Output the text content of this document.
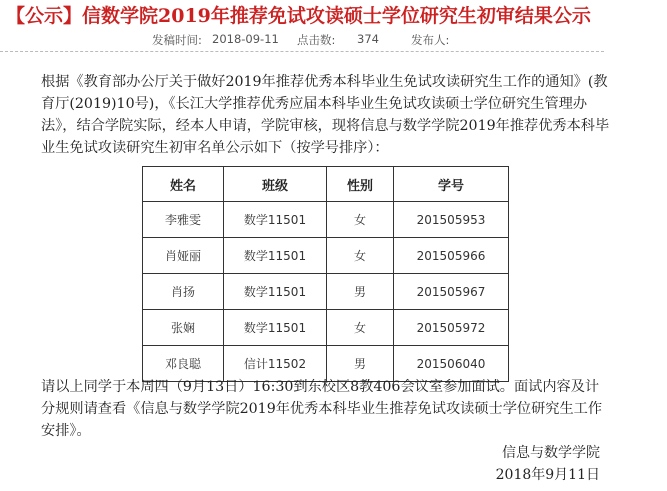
【公示】信数学院2019年推荐免试攻读硕士学位研究生初审结果公示
发稿时间: 2018-09-11 点击数: 374	发布人:

根据《教育部办公厅关于做好2019年推荐优秀本科毕业生免试攻读研究生工作的通知》(教育厅(2019)10号)，《长江大学推荐优秀应届本科毕业生免试攻读硕士学位研究生管理办法》，结合学院实际，经本人申请，学院审核，现将信息与数学学院2019年推荐优秀本科毕业生免试攻读研究生初审名单公示如下（按学号排序）：

姓名	班级	性别	学号
李雅雯	数学11501	女	201505953
肖娅丽	数学11501	女	201505966
肖扬	数学11501	男	201505967
张娴	数学11501	女	201505972
邓良聪	信计11502	男	201506040

请以上同学于本周四（9月13日）16:30到东校区8教406会议室参加面试。面试内容及计分规则请查看《信息与数学学院2019年优秀本科毕业生推荐免试攻读硕士学位研究生工作安排》。

信息与数学学院
2018年9月11日
